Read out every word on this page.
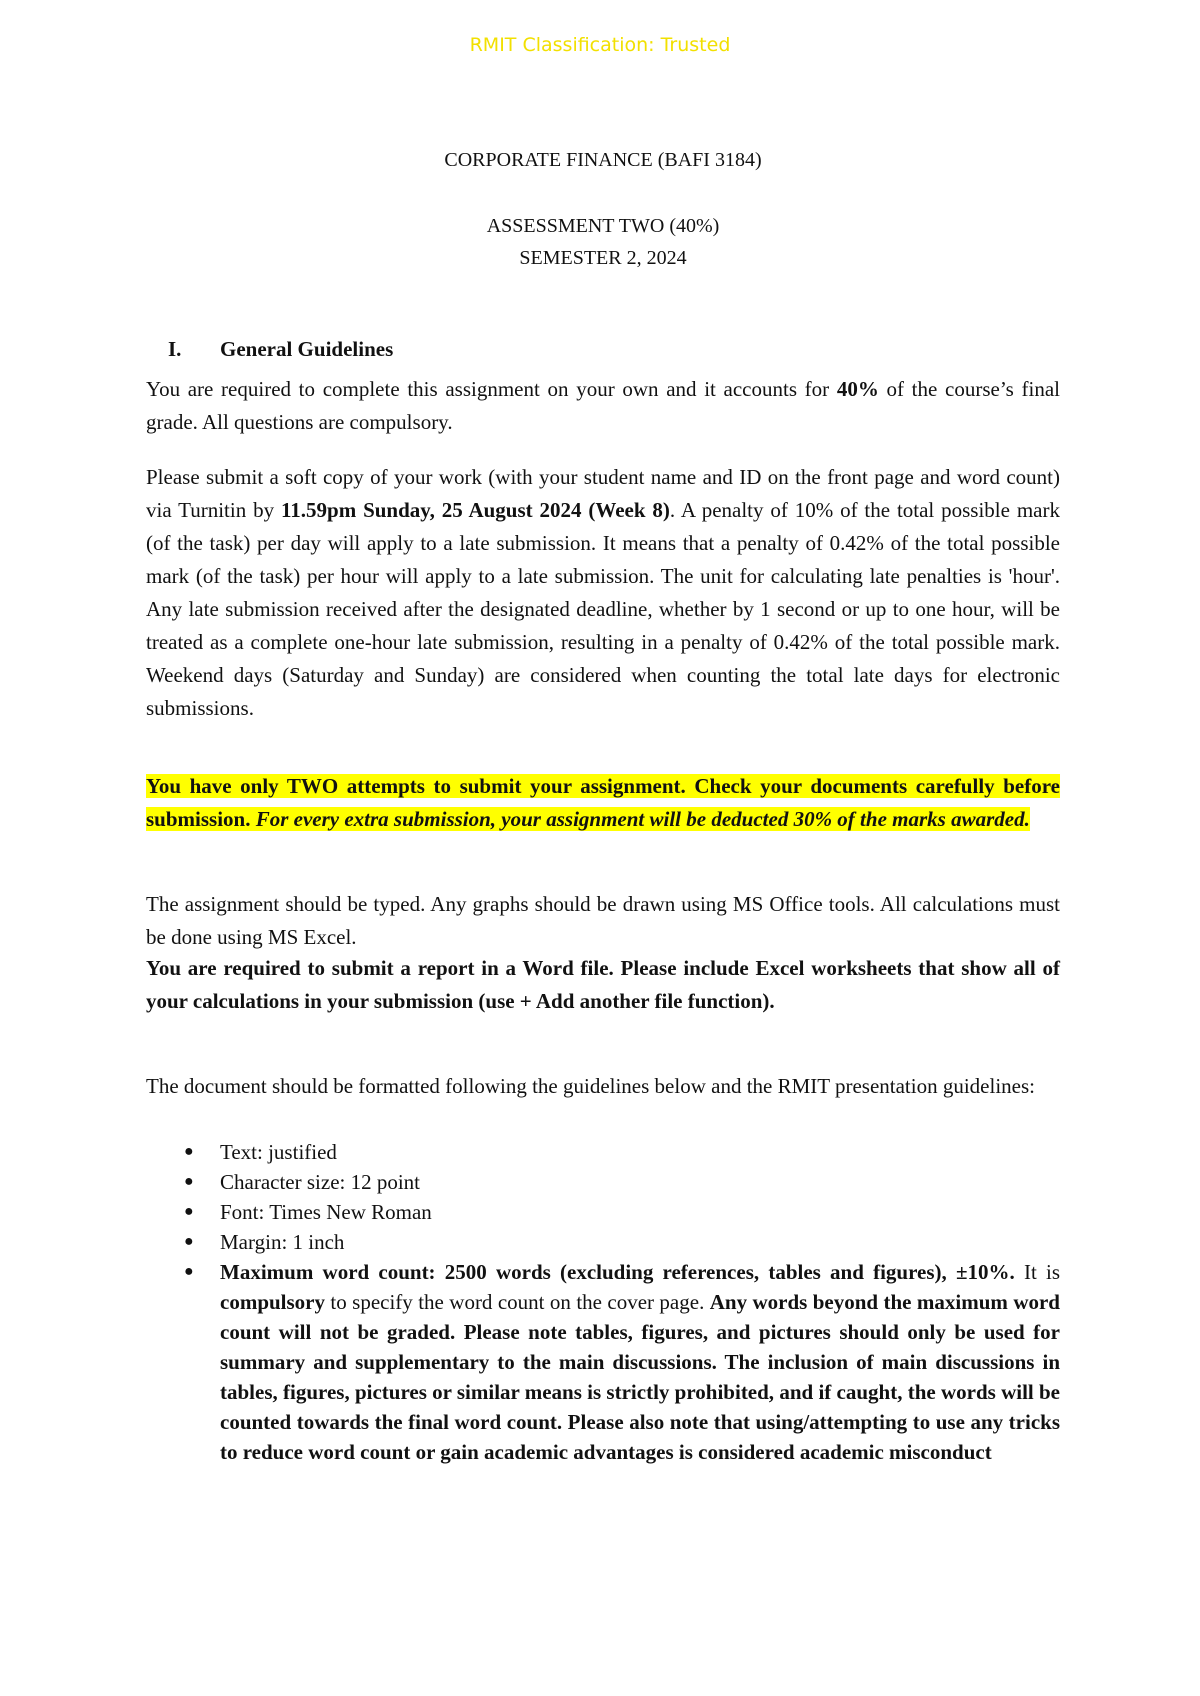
RMIT Classification: Trusted
CORPORATE FINANCE (BAFI 3184)
ASSESSMENT TWO (40%)
SEMESTER 2, 2024
I. General Guidelines
You are required to complete this assignment on your own and it accounts for 40% of the course’s final grade. All questions are compulsory.
Please submit a soft copy of your work (with your student name and ID on the front page and word count) via Turnitin by 11.59pm Sunday, 25 August 2024 (Week 8). A penalty of 10% of the total possible mark (of the task) per day will apply to a late submission. It means that a penalty of 0.42% of the total possible mark (of the task) per hour will apply to a late submission. The unit for calculating late penalties is 'hour'. Any late submission received after the designated deadline, whether by 1 second or up to one hour, will be treated as a complete one-hour late submission, resulting in a penalty of 0.42% of the total possible mark. Weekend days (Saturday and Sunday) are considered when counting the total late days for electronic submissions.
You have only TWO attempts to submit your assignment. Check your documents carefully before submission. For every extra submission, your assignment will be deducted 30% of the marks awarded.
The assignment should be typed. Any graphs should be drawn using MS Office tools. All calculations must be done using MS Excel.
You are required to submit a report in a Word file. Please include Excel worksheets that show all of your calculations in your submission (use + Add another file function).
The document should be formatted following the guidelines below and the RMIT presentation guidelines:
● Text: justified
● Character size: 12 point
● Font: Times New Roman
● Margin: 1 inch
● Maximum word count: 2500 words (excluding references, tables and figures), ±10%. It is compulsory to specify the word count on the cover page. Any words beyond the maximum word count will not be graded. Please note tables, figures, and pictures should only be used for summary and supplementary to the main discussions. The inclusion of main discussions in tables, figures, pictures or similar means is strictly prohibited, and if caught, the words will be counted towards the final word count. Please also note that using/attempting to use any tricks to reduce word count or gain academic advantages is considered academic misconduct
